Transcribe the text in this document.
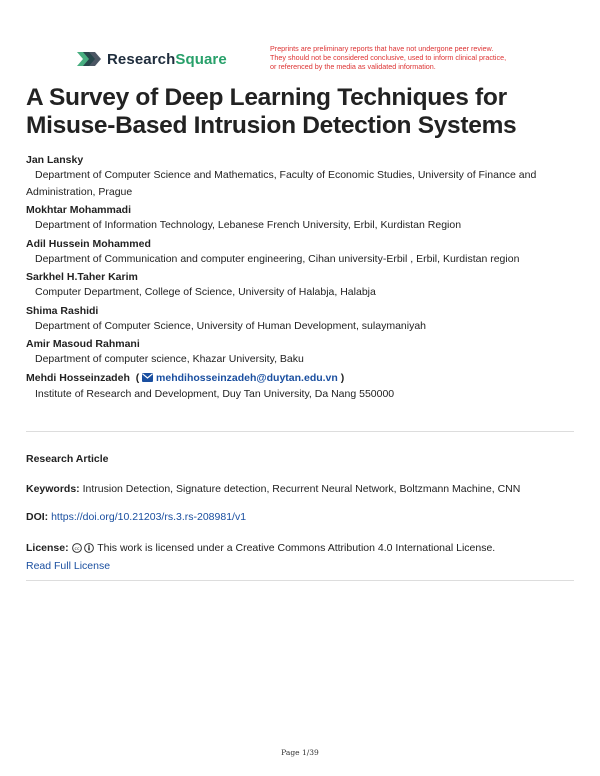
ResearchSquare
Preprints are preliminary reports that have not undergone peer review.
They should not be considered conclusive, used to inform clinical practice,
or referenced by the media as validated information.
A Survey of Deep Learning Techniques for Misuse-Based Intrusion Detection Systems
Jan Lansky
Department of Computer Science and Mathematics, Faculty of Economic Studies, University of Finance and Administration, Prague
Mokhtar Mohammadi
Department of Information Technology, Lebanese French University, Erbil, Kurdistan Region
Adil Hussein Mohammed
Department of Communication and computer engineering, Cihan university-Erbil , Erbil, Kurdistan region
Sarkhel H.Taher Karim
Computer Department, College of Science, University of Halabja, Halabja
Shima Rashidi
Department of Computer Science, University of Human Development, sulaymaniyah
Amir Masoud Rahmani
Department of computer science, Khazar University, Baku
Mehdi Hosseinzadeh  ( mehdihosseinzadeh@duytan.edu.vn )
Institute of Research and Development, Duy Tan University, Da Nang 550000
Research Article
Keywords: Intrusion Detection, Signature detection, Recurrent Neural Network, Boltzmann Machine, CNN
DOI: https://doi.org/10.21203/rs.3.rs-208981/v1
License: cc This work is licensed under a Creative Commons Attribution 4.0 International License.
Read Full License
Page 1/39
